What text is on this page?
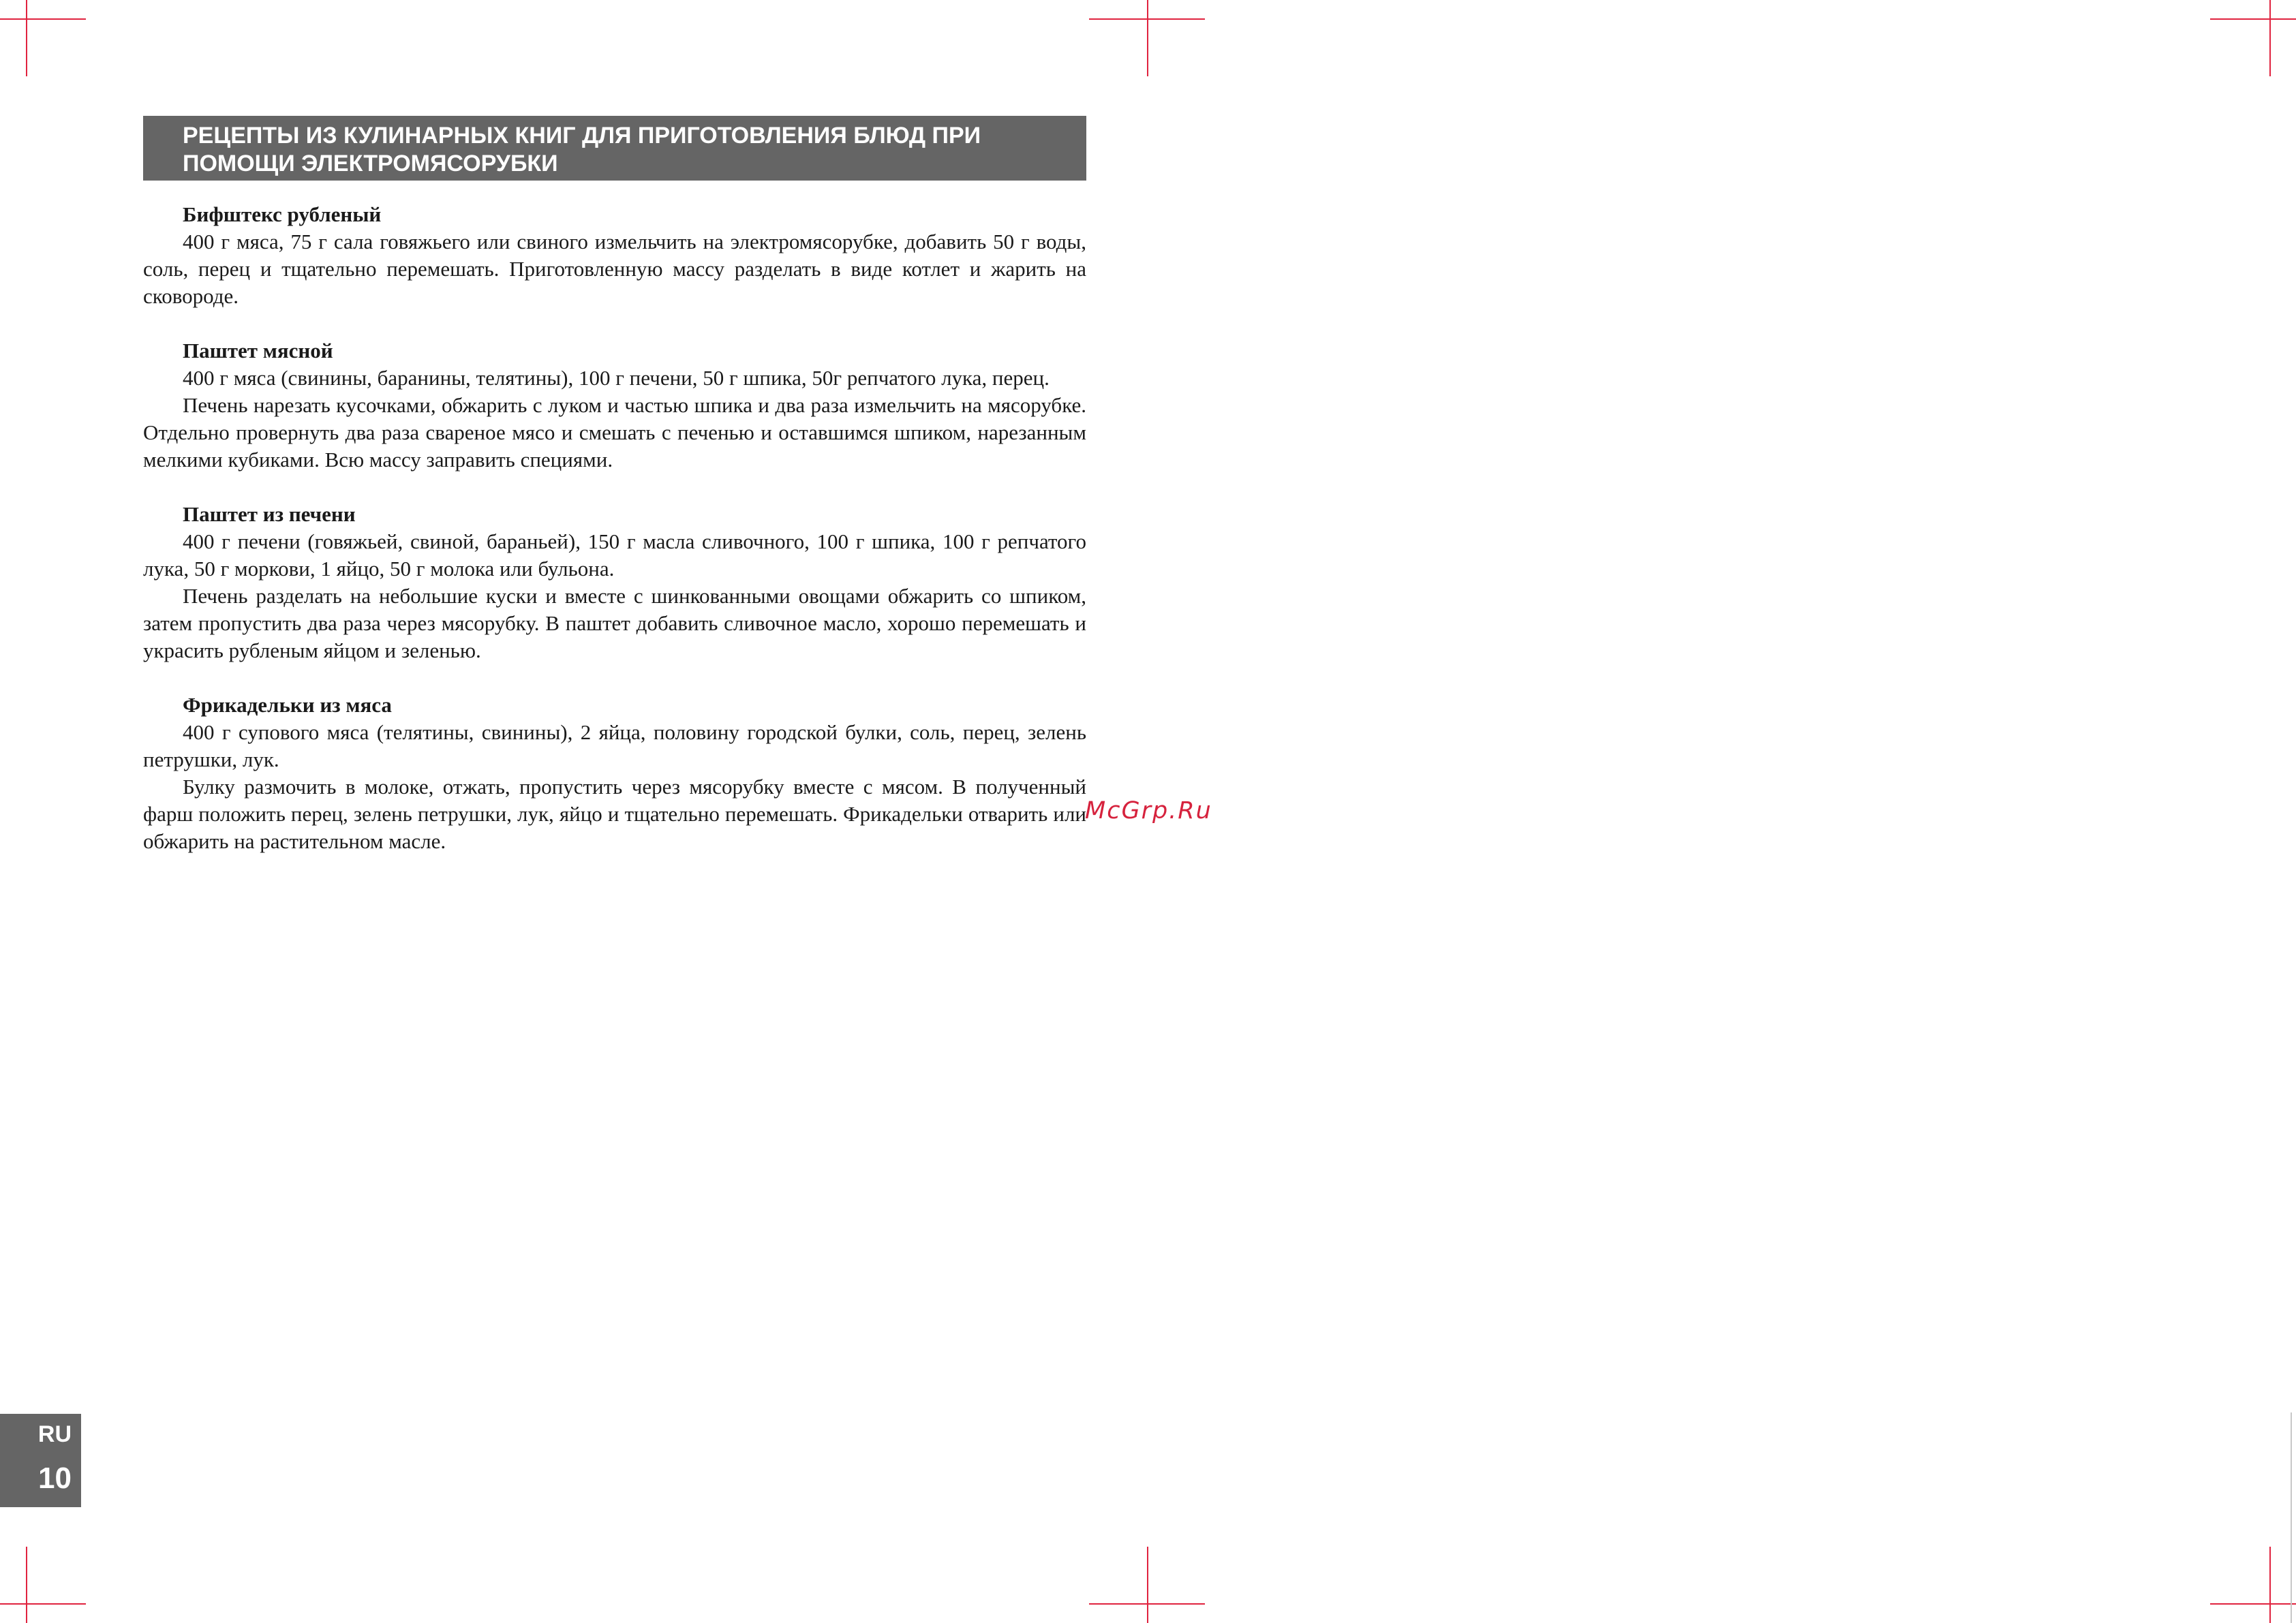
РЕЦЕПТЫ ИЗ КУЛИНАРНЫХ КНИГ ДЛЯ ПРИГОТОВЛЕНИЯ БЛЮД ПРИ
ПОМОЩИ ЭЛЕКТРОМЯСОРУБКИ
Бифштекс рубленый

400 г мяса, 75 г сала говяжьего или свиного измельчить на электромясорубке, добавить 50 г воды, соль, перец и тщательно перемешать. Приготовленную массу разделать в виде котлет и жарить на сковороде.

Паштет мясной

400 г мяса (свинины, баранины, телятины), 100 г печени, 50 г шпика, 50г репчатого лука, перец.

Печень нарезать кусочками, обжарить с луком и частью шпика и два раза измельчить на мясорубке. Отдельно провернуть два раза свареное мясо и смешать с печенью и оставшимся шпиком, нарезанным мелкими кубиками. Всю массу заправить специями.

Паштет из печени

400 г печени (говяжьей, свиной, бараньей), 150 г масла сливочного, 100 г шпика, 100 г репчатого лука, 50 г моркови, 1 яйцо, 50 г молока или бульона.

Печень разделать на небольшие куски и вместе с шинкованными овощами обжарить со шпиком, затем пропустить два раза через мясорубку. В паштет добавить сливочное масло, хорошо перемешать и украсить рубленым яйцом и зеленью.

Фрикадельки из мяса

400 г супового мяса (телятины, свинины), 2 яйца, половину городской булки, соль, перец, зелень петрушки, лук.

Булку размочить в молоке, отжать, пропустить через мясорубку вместе с мясом. В полученный фарш положить перец, зелень петрушки, лук, яйцо и тщательно перемешать. Фрикадельки отварить или обжарить на растительном масле.

McGrp.Ru
RU
10
